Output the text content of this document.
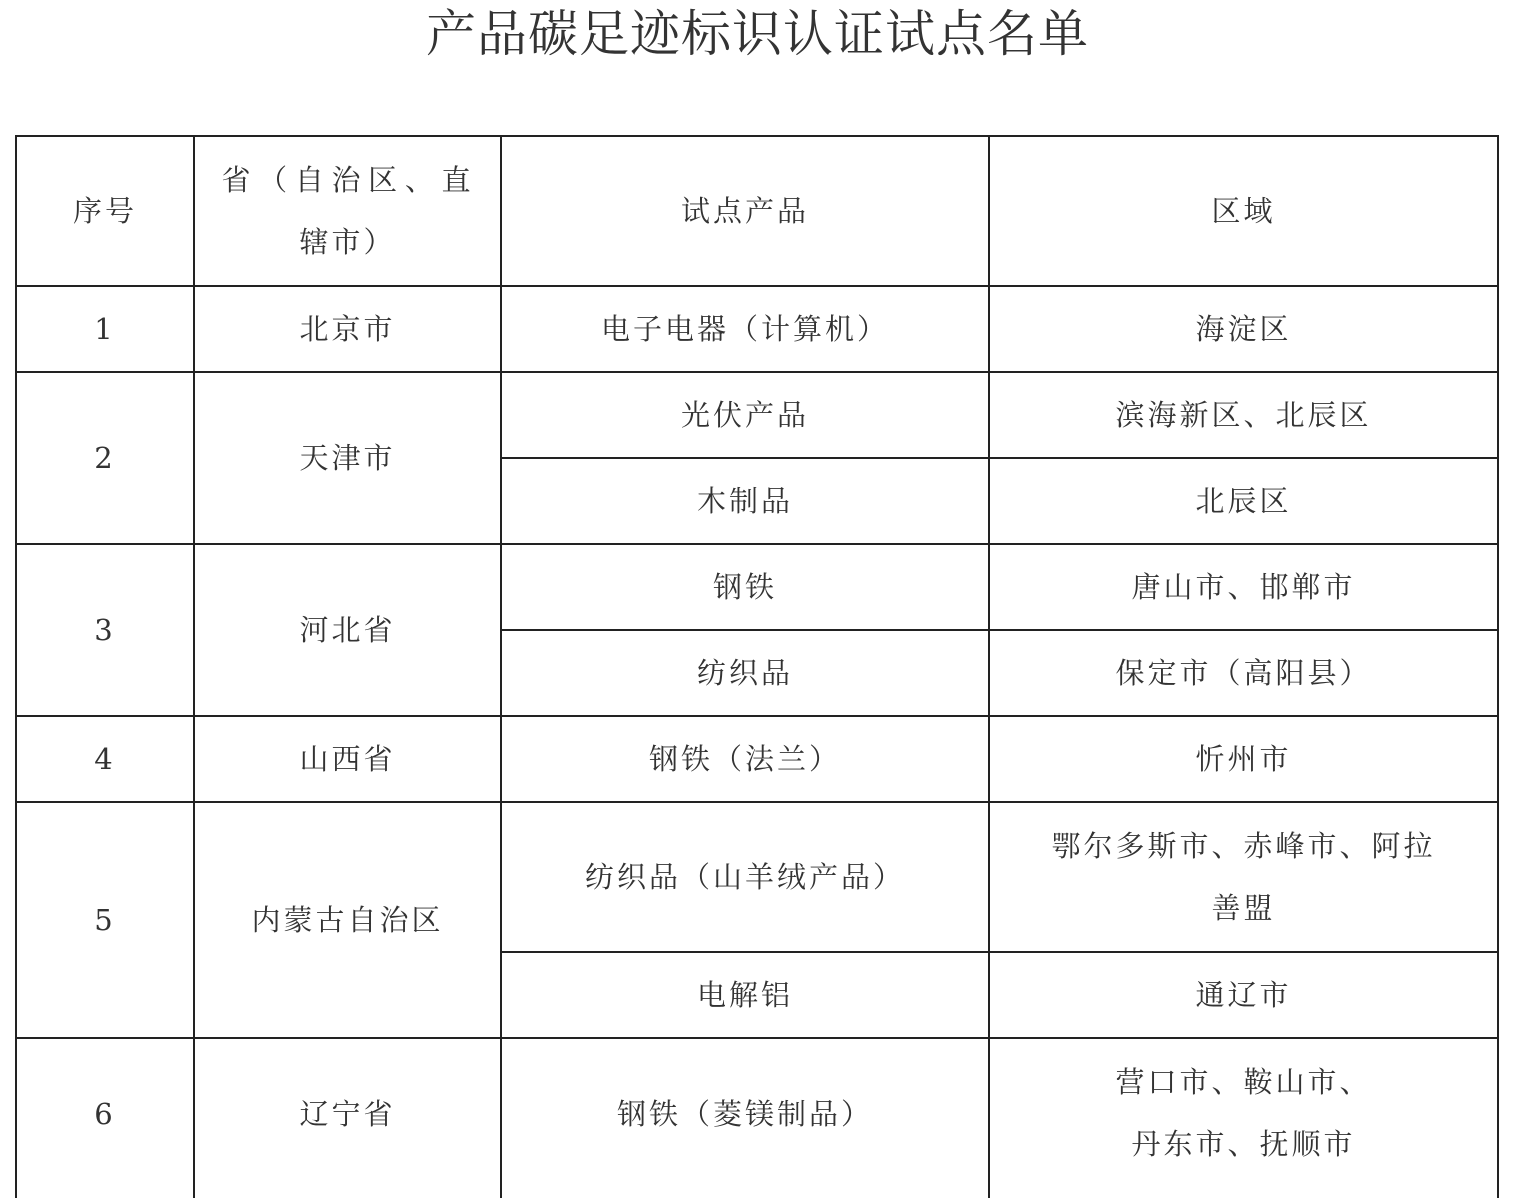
产品碳足迹标识认证试点名单
序号	省（自治区、直辖市）	试点产品	区域
1	北京市	电子电器（计算机）	海淀区
2	天津市	光伏产品	滨海新区、北辰区
		木制品	北辰区
3	河北省	钢铁	唐山市、邯郸市
		纺织品	保定市（高阳县）
4	山西省	钢铁（法兰）	忻州市
5	内蒙古自治区	纺织品（山羊绒产品）	鄂尔多斯市、赤峰市、阿拉善盟
		电解铝	通辽市
6	辽宁省	钢铁（菱镁制品）	营口市、鞍山市、丹东市、抚顺市
